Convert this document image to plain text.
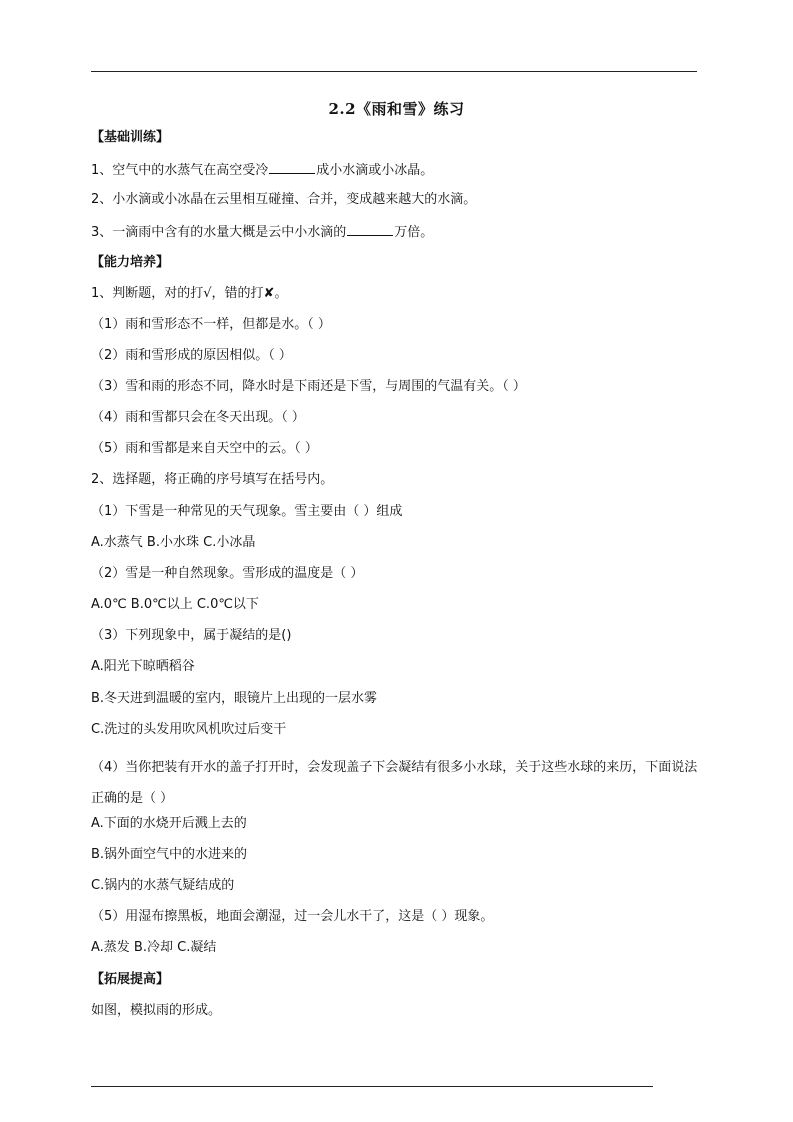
2.2《雨和雪》练习
【基础训练】
1、空气中的水蒸气在高空受冷	成小水滴或小冰晶。
2、小水滴或小冰晶在云里相互碰撞、合并，变成越来越大的水滴。
3、一滴雨中含有的水量大概是云中小水滴的	万倍。
【能力培养】
1、判断题，对的打√，错的打✘。
（1）雨和雪形态不一样，但都是水。（ ）
（2）雨和雪形成的原因相似。（ ）
（3）雪和雨的形态不同，降水时是下雨还是下雪，与周围的气温有关。（ ）
（4）雨和雪都只会在冬天出现。（ ）
（5）雨和雪都是来自天空中的云。（ ）
2、选择题，将正确的序号填写在括号内。
（1）下雪是一种常见的天气现象。雪主要由（ ）组成
A.水蒸气 B.小水珠 C.小冰晶
（2）雪是一种自然现象。雪形成的温度是（ ）
A.0℃ B.0℃以上 C.0℃以下
（3）下列现象中，属于凝结的是()
A.阳光下晾晒稻谷
B.冬天进到温暖的室内，眼镜片上出现的一层水雾
C.洗过的头发用吹风机吹过后变干
（4）当你把装有开水的盖子打开时，会发现盖子下会凝结有很多小水球，关于这些水球的来历，下面说法正确的是（ ）
A.下面的水烧开后溅上去的
B.锅外面空气中的水进来的
C.锅内的水蒸气疑结成的
（5）用湿布擦黑板，地面会潮湿，过一会儿水干了，这是（ ）现象。
A.蒸发 B.冷却 C.凝结
【拓展提高】
如图，模拟雨的形成。
